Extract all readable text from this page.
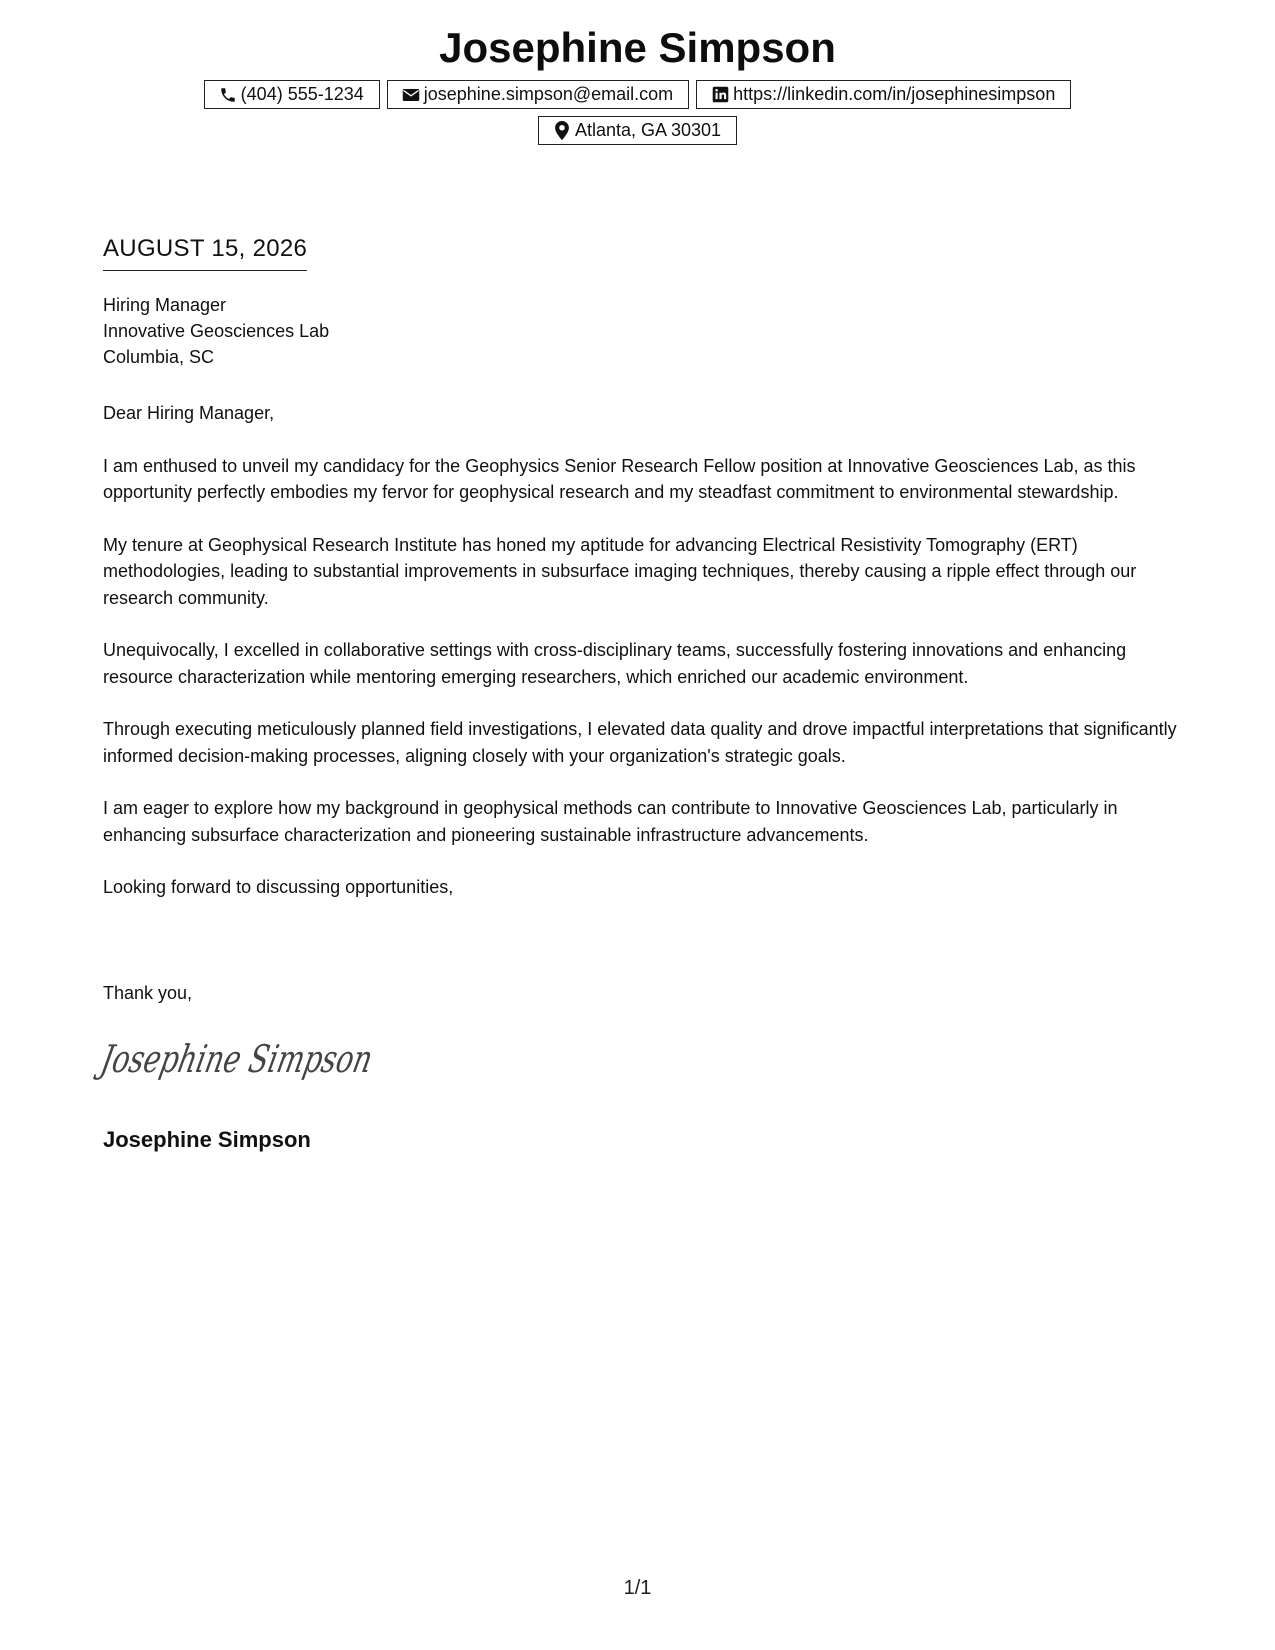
Josephine Simpson
(404) 555-1234	josephine.simpson@email.com	https://linkedin.com/in/josephinesimpson
Atlanta, GA 30301
AUGUST 15, 2026
Hiring Manager
Innovative Geosciences Lab
Columbia, SC

Dear Hiring Manager,

I am enthused to unveil my candidacy for the Geophysics Senior Research Fellow position at Innovative Geosciences Lab, as this opportunity perfectly embodies my fervor for geophysical research and my steadfast commitment to environmental stewardship.

My tenure at Geophysical Research Institute has honed my aptitude for advancing Electrical Resistivity Tomography (ERT) methodologies, leading to substantial improvements in subsurface imaging techniques, thereby causing a ripple effect through our research community.

Unequivocally, I excelled in collaborative settings with cross-disciplinary teams, successfully fostering innovations and enhancing resource characterization while mentoring emerging researchers, which enriched our academic environment.

Through executing meticulously planned field investigations, I elevated data quality and drove impactful interpretations that significantly informed decision-making processes, aligning closely with your organization's strategic goals.

I am eager to explore how my background in geophysical methods can contribute to Innovative Geosciences Lab, particularly in enhancing subsurface characterization and pioneering sustainable infrastructure advancements.

Looking forward to discussing opportunities,

Thank you,
Josephine Simpson
Josephine Simpson
1/1
